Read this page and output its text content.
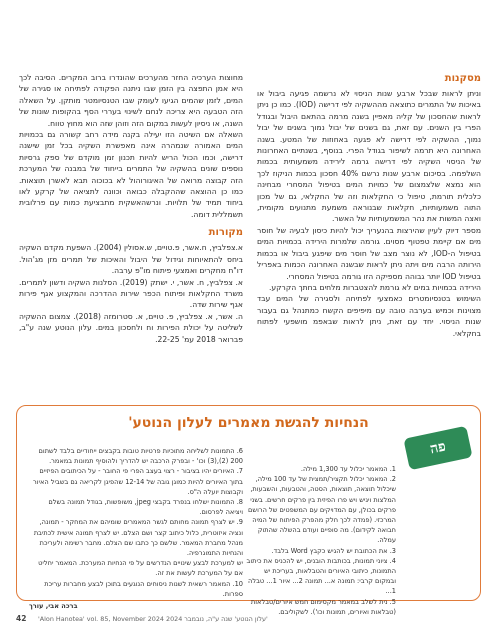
מסקנות

וניתן לראות שבכל ארבע שנות הניסוי לא נרשמה פגיעה ביבול או באיכות של התמרים כתוצאה מההשקיה לפי דרישה (IOD). כמו כן ניתן לראות שהחסכון של קליה מאפיין בשנה מרמה בהתאם היבול ובגודל הפרי בין השנים. עם זאת, גם בשנים של יבול נמוך בשנים של יבול נמוך, ההשקיה לפי דרישה לא פגעה באחוזות של המטע. בשנה האחרונה היא תרמה לשיפור בגודל הפרי. בנוסף, בשנתיים האחרונות של הניסוי השקיה לפי דרישה גרמה לירידה משמעותית בכמות השלפמה. בסיכום ארבע שנות נרשם 40% חסכון בכמות הניקוז לכך הוא נמצא שלצמצום של כמויות המים בטיפול המסחרי מבחינה כלכלית תורמת, טיפול כי החקלאות וזה של החקלאי, גם של מכון התוה משמעותיות, חקלאות שבנוראה משמעת מתנועים מקומית, ואצה המשות את נהר המשמעותיות של האשר.

מספר דיוק לעיין שהירצות בהנעריך יכול להיות כיסון לבעיה של חוסר מים אם קיימת טפטוף מסוים. גורמה שלמרות הירידה בכמויות המים בטיפול ה-IOD, לא נוצר מצב של חוסר מים שיפגע ביבול או בכמות הירותה הרבה מים ויתה ניתן לראות שבשנה האחרונה הכמות באפריל בטיפול IOD יותר גבוהה מספיקה הזו גורמה בטיפול המסחרי.

הירידה בכמויות במים לא גורמת להצטברות מלחים בחתך הקרקע.

השימוש בטנסיומטרים כאמצעי לפתיחה ולסגירה של המים עבד מצוינות וכמיש בערבה טובה עם מיפיפים הקשח כמתנהל גם בעבור שנות הניסוי. יחד עם זאת, ניתן לראות שבאפמ מושפעי לפתוח בחקלאי.

מחוצות הערכיה החזר מהערכים שהונדרו ברוב המקרים. הסיבה לכך היא אמן התפצה בין הזמן שבו ניתנה הפקודה לפתיחה או סגירה של המים, לזמן שהמים הגיעו לעומק שבו הטנסיומטר מותקן. על השאלה הזה הטבעה היא צריכה לנחם לשינוי בעררי הסף בהקופות שונות של השנה, או ניסיון לעשות במקום הזה וזוהן שזה הוא מחוץ טווח.

השאלה אם השיטה הזו יעילה בקנה מידה רחב קשורה גם בכמויות המים האמורה שנמהרה אינה מאפשרת השקיה בכל זמן שישנה דרישה, וכמו הכול הריש להיות תכנון זמן מוקדם של ספק גרסיות נוספים שונים בהשקיה של התמרים בייחוד של במבנה של המערכת הזה קבוצה מרואה של האיגורוהול לא בכוכוה תבא לאשרן תוצאות. כמו כן ההוצאה שההקבלה כבואה וכוונה לתציאה של קרקע לאו ביחוד תמיד של תלויות. ונרשהאשקית מתבציעת כמות עם פרלובית תשמללית דומה.

מקורות

א.צפלביץ, ח.אשר, פ.טויים, ש.אסולין (2004). השפעת מקדם השקיה ביחס להתאיוחות וגידול של היבול והאיכות של תמרים מזן מג'הול. דו"ח מחקרים ואמצעי פיתוח מו"פ ערבה.

א. צפלביץ, ח. אשר, י. ישתק (2019). הסלנות השקיה ודשון לתמרים. משרד החקלאות ופיתוח הכפר שירות ההדרכה והמקצוע אגף פירות אגף שירות שדה.

ה. אשר, א. צפלביץ, פ. טויים, א. סטרומזה (2018). צמצום ההשקיה לשליטה על יכולת הפירות וח ולחסכון במים. עלון הנוטע שנה ע"ב, פברואר 2018 עמ' 22-25.

הנחיות להגשת מאמרים לעלון הנוטע'
פה

1. המאמר יכלול עד 1,300 מילה.

2. המאמר יכלול תקציר/תמצית של עד 100 מילה, שיכלול תוצאה, תוצאות, הסטה, והטבעות, והשבעות, המלצות ויגיש ויש פרו הפיזית בין פרקים חרשים. בשני פרקים בכולן, עם המדויקים עם המשפטים של הרושם המרכזי. (פמדה לכך חלק מהפרק הפיתוח של המיה חבואה לקידום). מה סופיים ועודם בהשלה שהתוק עמלה.

3. את הכתובת יש להגיש כקבץ Word בלבד.

4. ציוני תמונות, בכותבות הובנים, יש להכניס את כיתוב התמונות, כיתובי האיורים והטבלאות, בעריכת יש ובמקום קרבי: תמונה א... תמונה 2... איור 1... טבלה 1...

5. נית לשלב במאמר מקסימום חמש איורים/טבלאות (טבלאות ואיורים, תמונות וכו'). לשקוליבם.

6. התמונות לשליחה מתוכיות פרטיות טובות בקבצים ייחודיים בלבד לשתום 200 (2),(3) וכו' - ובפרק הרכבה יש להדריך ולהוסיף תמונות במאמר.

7. האיורים יהיו בציבור - רצוי בעצב הפרי פי החובר - על הכיתובים הפיזיים בתוך האיורים להיות כמוגן גובה של 12-14 שהפיגן לקריאה גם בשביל האיור וקבוצות יועלה ה"ס.

8. התמונות ישלחו בנפרד בקבצי jpeg, משופשות, בגודל תמונה בשלם ויציאה לפרסום.

9. יש לצרף תמונה מחותם לגשר המאמרים שומיהם את המחקר - תמונה, ונציה איזוטרית, כלול כיתוב קצר ושם הצלם. יש לצרף תמונה אישית לכתיבת מנהל מחברת המאמר. שלשם כך כתבו שם הצלם. מחבר רשימה ולעריכת והנחיות התמוגרפיה.

יש למערכת לבצע שינויים הנדרשים על פי הנחיות המערכת. המאמר יחליט אם על המערכת לעשות את זה.

10. המאמר רשאית לשנות ניסוחים הנוגעים בתוכן לבצע מחברות עריכת ספרות.

ברכה אבי, עורך

42 'Alon Hanotea' vol. 85, November 2024 'עלון הנוטע' שנה ע"ה, נובמבר 2024
